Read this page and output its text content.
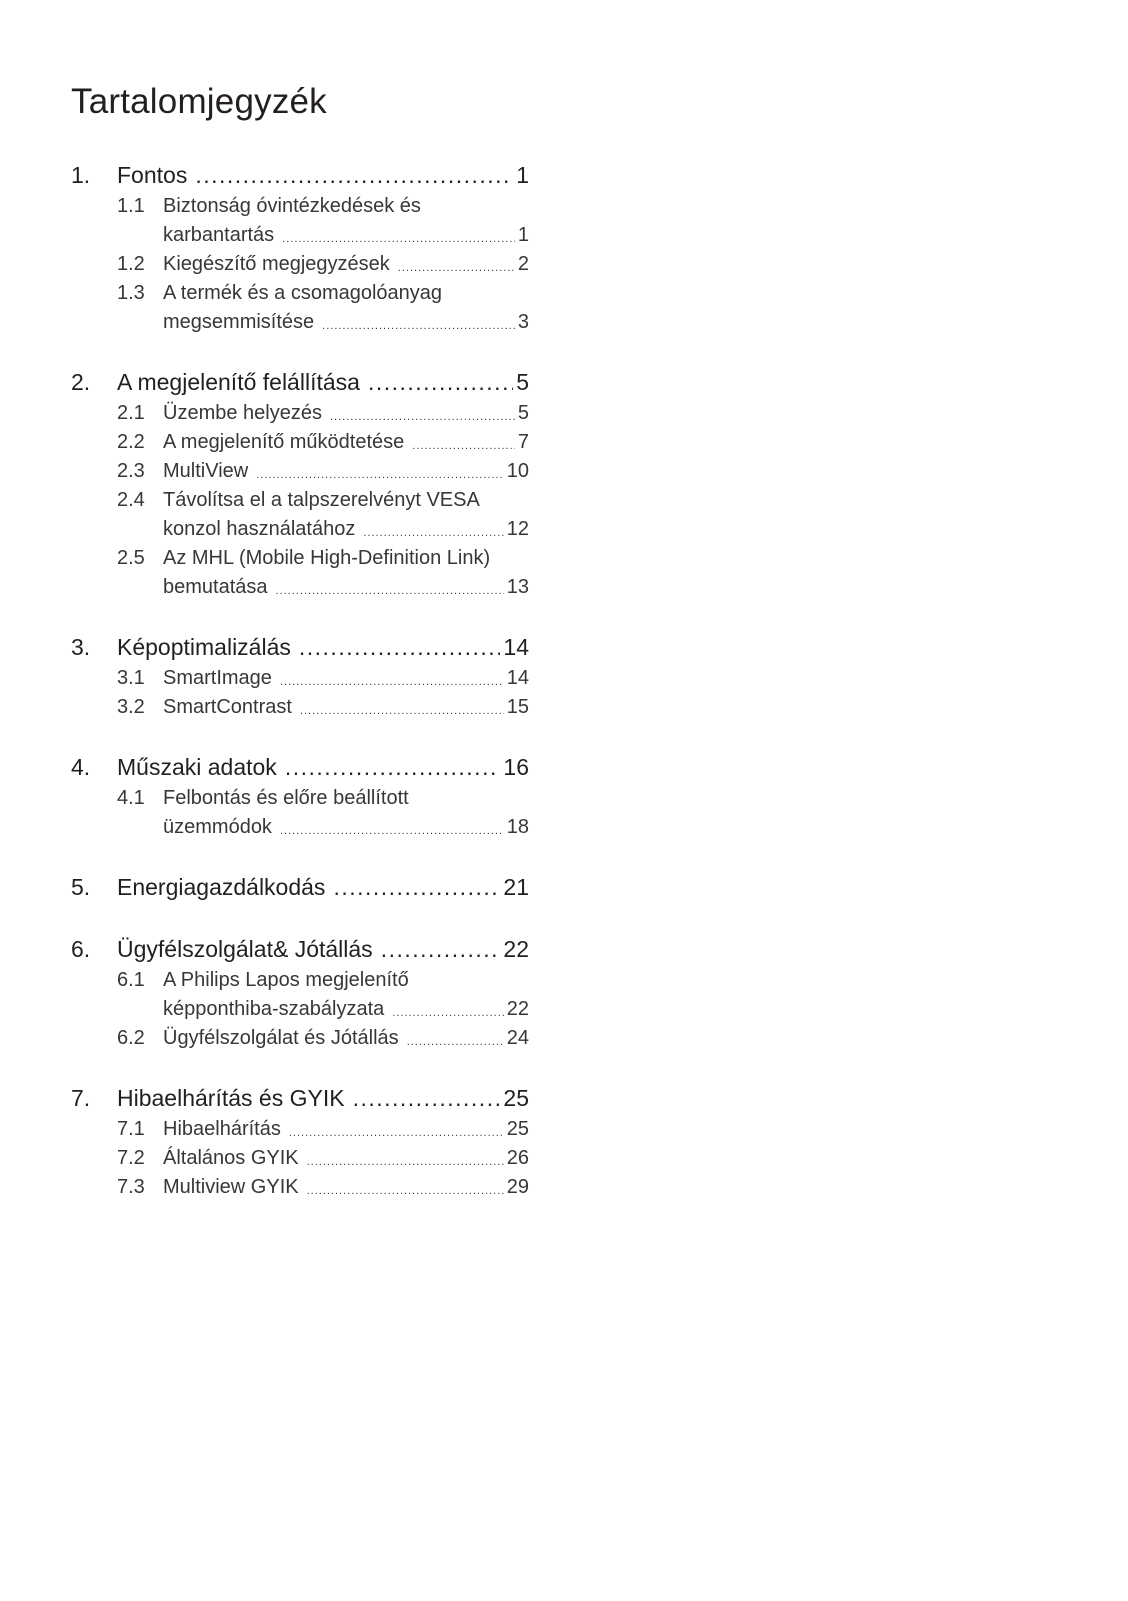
Tartalomjegyzék
1.	Fontos .....	1
1.1 Biztonság óvintézkedések és
karbantartás .....	1
1.2 Kiegészítő megjegyzések .....	2
1.3 A termék és a csomagolóanyag
megsemmisítése .....	3
2.	A megjelenítő felállítása .....	5
2.1 Üzembe helyezés .....	5
2.2 A megjelenítő működtetése .....	7
2.3 MultiView .....	10
2.4 Távolítsa el a talpszerelvényt VESA
konzol használatához .....	12
2.5 Az MHL (Mobile High-Definition Link)
bemutatása .....	13
3.	Képoptimalizálás .....	14
3.1 SmartImage .....	14
3.2 SmartContrast .....	15
4.	Műszaki adatok .....	16
4.1 Felbontás és előre beállított
üzemmódok .....	18
5.	Energiagazdálkodás .....	21
6.	Ügyfélszolgálat& Jótállás .....	22
6.1 A Philips Lapos megjelenítő
képponthiba-szabályzata .....	22
6.2 Ügyfélszolgálat és Jótállás .....	24
7.	Hibaelhárítás és GYIK .....	25
7.1 Hibaelhárítás .....	25
7.2 Általános GYIK .....	26
7.3 Multiview GYIK .....	29
